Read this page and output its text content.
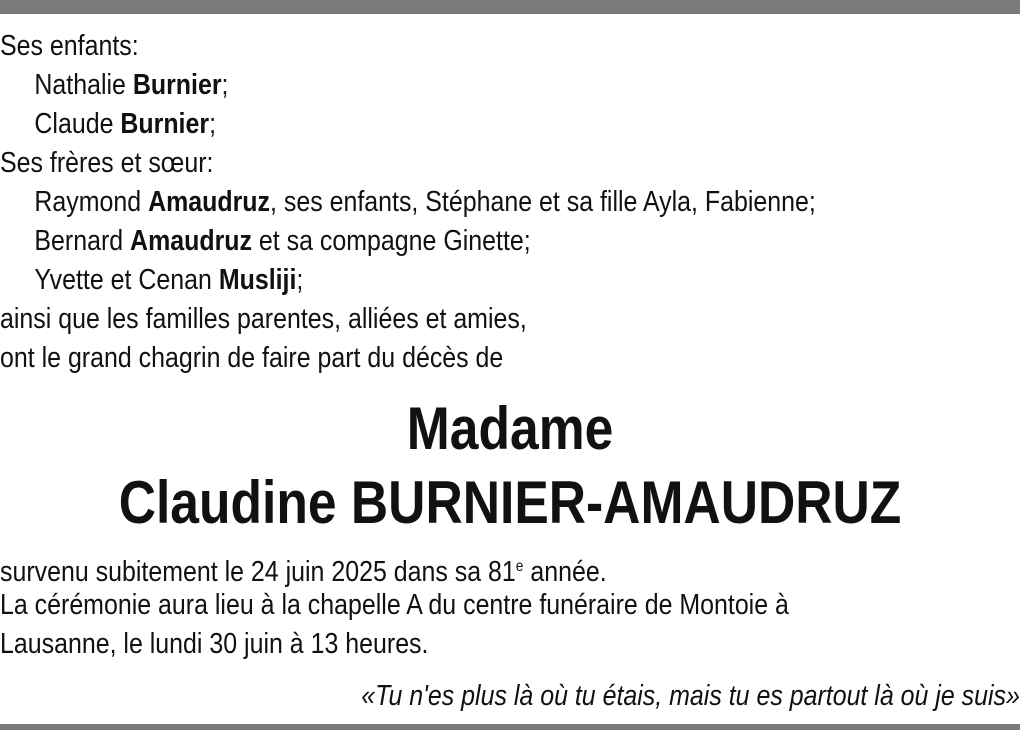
Ses enfants:
Nathalie Burnier;
Claude Burnier;
Ses frères et sœur:
Raymond Amaudruz, ses enfants, Stéphane et sa fille Ayla, Fabienne;
Bernard Amaudruz et sa compagne Ginette;
Yvette et Cenan Musliji;
ainsi que les familles parentes, alliées et amies,
ont le grand chagrin de faire part du décès de
Madame
Claudine BURNIER-AMAUDRUZ
survenu subitement le 24 juin 2025 dans sa 81e année.
La cérémonie aura lieu à la chapelle A du centre funéraire de Montoie à
Lausanne, le lundi 30 juin à 13 heures.
«Tu n'es plus là où tu étais, mais tu es partout là où je suis»
